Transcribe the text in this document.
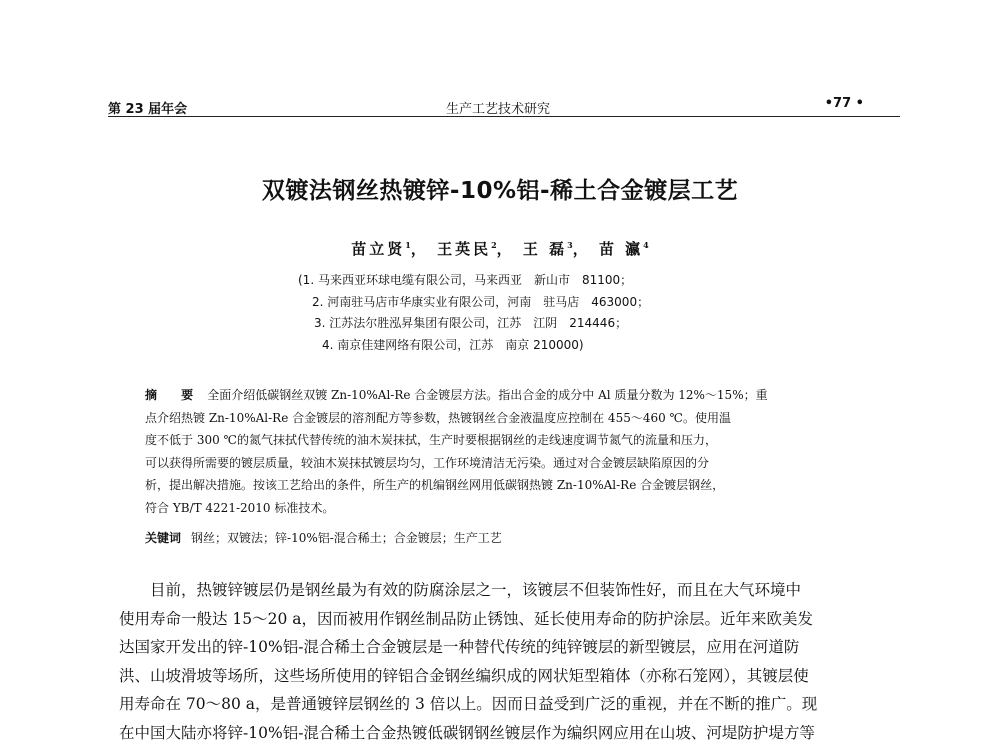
第 23 届年会	生产工艺技术研究	•77 •
双镀法钢丝热镀锌-10%铝-稀土合金镀层工艺
苗立贤$^1$， 王英民$^2$， 王 磊$^3$， 苗 瀛$^4$
(1. 马来西亚环球电缆有限公司，马来西亚　新山市　81100；
2. 河南驻马店市华康实业有限公司，河南　驻马店　463000；
3. 江苏法尔胜泓昇集团有限公司，江苏　江阴　214446；
4. 南京佳建网络有限公司，江苏　南京 210000)
摘 要 全面介绍低碳钢丝双镀 Zn-10%Al-Re 合金镀层方法。指出合金的成分中 Al 质量分数为 12%～15%；重
点介绍热镀 Zn-10%Al-Re 合金镀层的溶剂配方等参数，热镀钢丝合金液温度应控制在 455～460 ℃。使用温
度不低于 300 ℃的氮气抹拭代替传统的油木炭抹拭，生产时要根据钢丝的走线速度调节氮气的流量和压力，
可以获得所需要的镀层质量，较油木炭抹拭镀层均匀，工作环境清洁无污染。通过对合金镀层缺陷原因的分
析，提出解决措施。按该工艺给出的条件，所生产的机编钢丝网用低碳钢热镀 Zn-10%Al-Re 合金镀层钢丝，
符合 YB/T 4221-2010 标准技术。
关键词 钢丝；双镀法；锌-10%铝-混合稀土；合金镀层；生产工艺
目前，热镀锌镀层仍是钢丝最为有效的防腐涂层之一，该镀层不但装饰性好，而且在大气环境中
使用寿命一般达 15～20 a，因而被用作钢丝制品防止锈蚀、延长使用寿命的防护涂层。近年来欧美发
达国家开发出的锌-10%铝-混合稀土合金镀层是一种替代传统的纯锌镀层的新型镀层，应用在河道防
洪、山坡滑坡等场所，这些场所使用的锌铝合金钢丝编织成的网状矩型箱体（亦称石笼网），其镀层使
用寿命在 70～80 a，是普通镀锌层钢丝的 3 倍以上。因而日益受到广泛的重视，并在不断的推广。现
在中国大陆亦将锌-10%铝-混合稀土合金热镀低碳钢钢丝镀层作为编织网应用在山坡、河堤防护堤方等
